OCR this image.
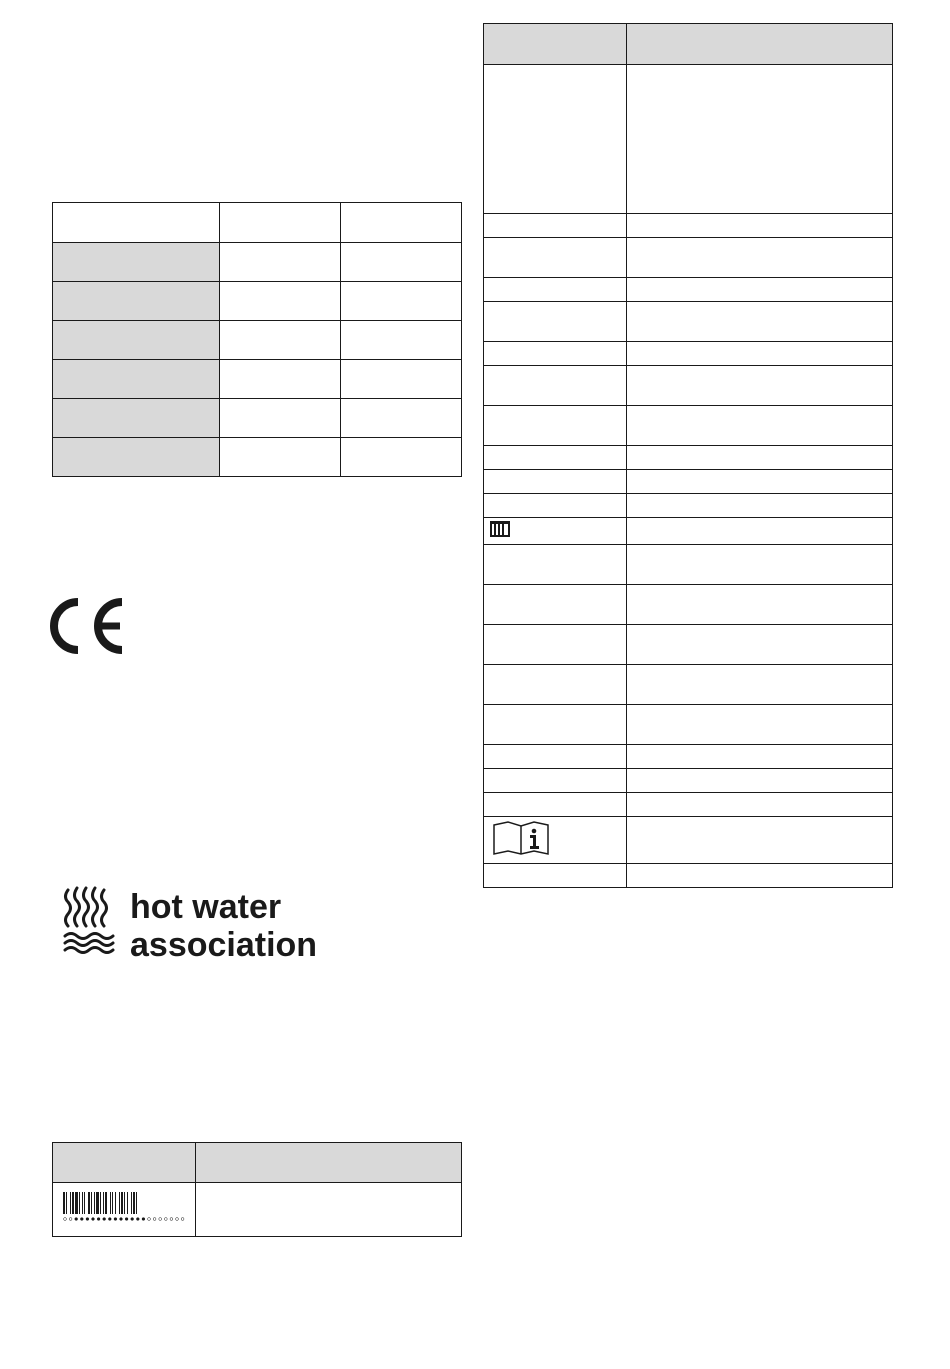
hot water
association
